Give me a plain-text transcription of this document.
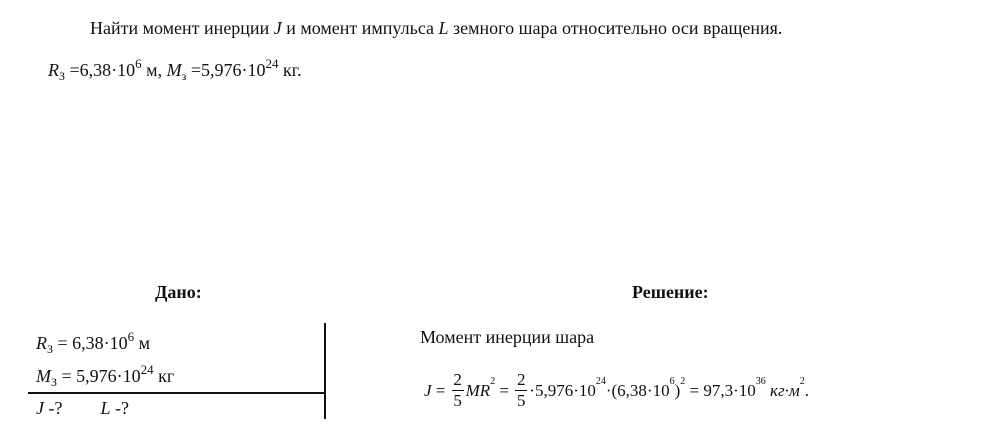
Найти момент инерции J и момент импульса L земного шара относительно оси вращения.
$R_З =6,38\cdot 10^6$ м, $M_з =5,976\cdot 10^{24}$ кг.
Дано:	Решение:
$R_З = 6,38\cdot 10^6$ м
$M_З = 5,976\cdot 10^{24}$ кг
J -? L -?
Момент инерции шара
$J = \frac{2}{5}$ MR $2 = \frac{2}{5} \cdot 5,976\cdot 10$ 24 ·(6,38·10 6 ) 2 = 97,3·10 36 кг·м 2 .
